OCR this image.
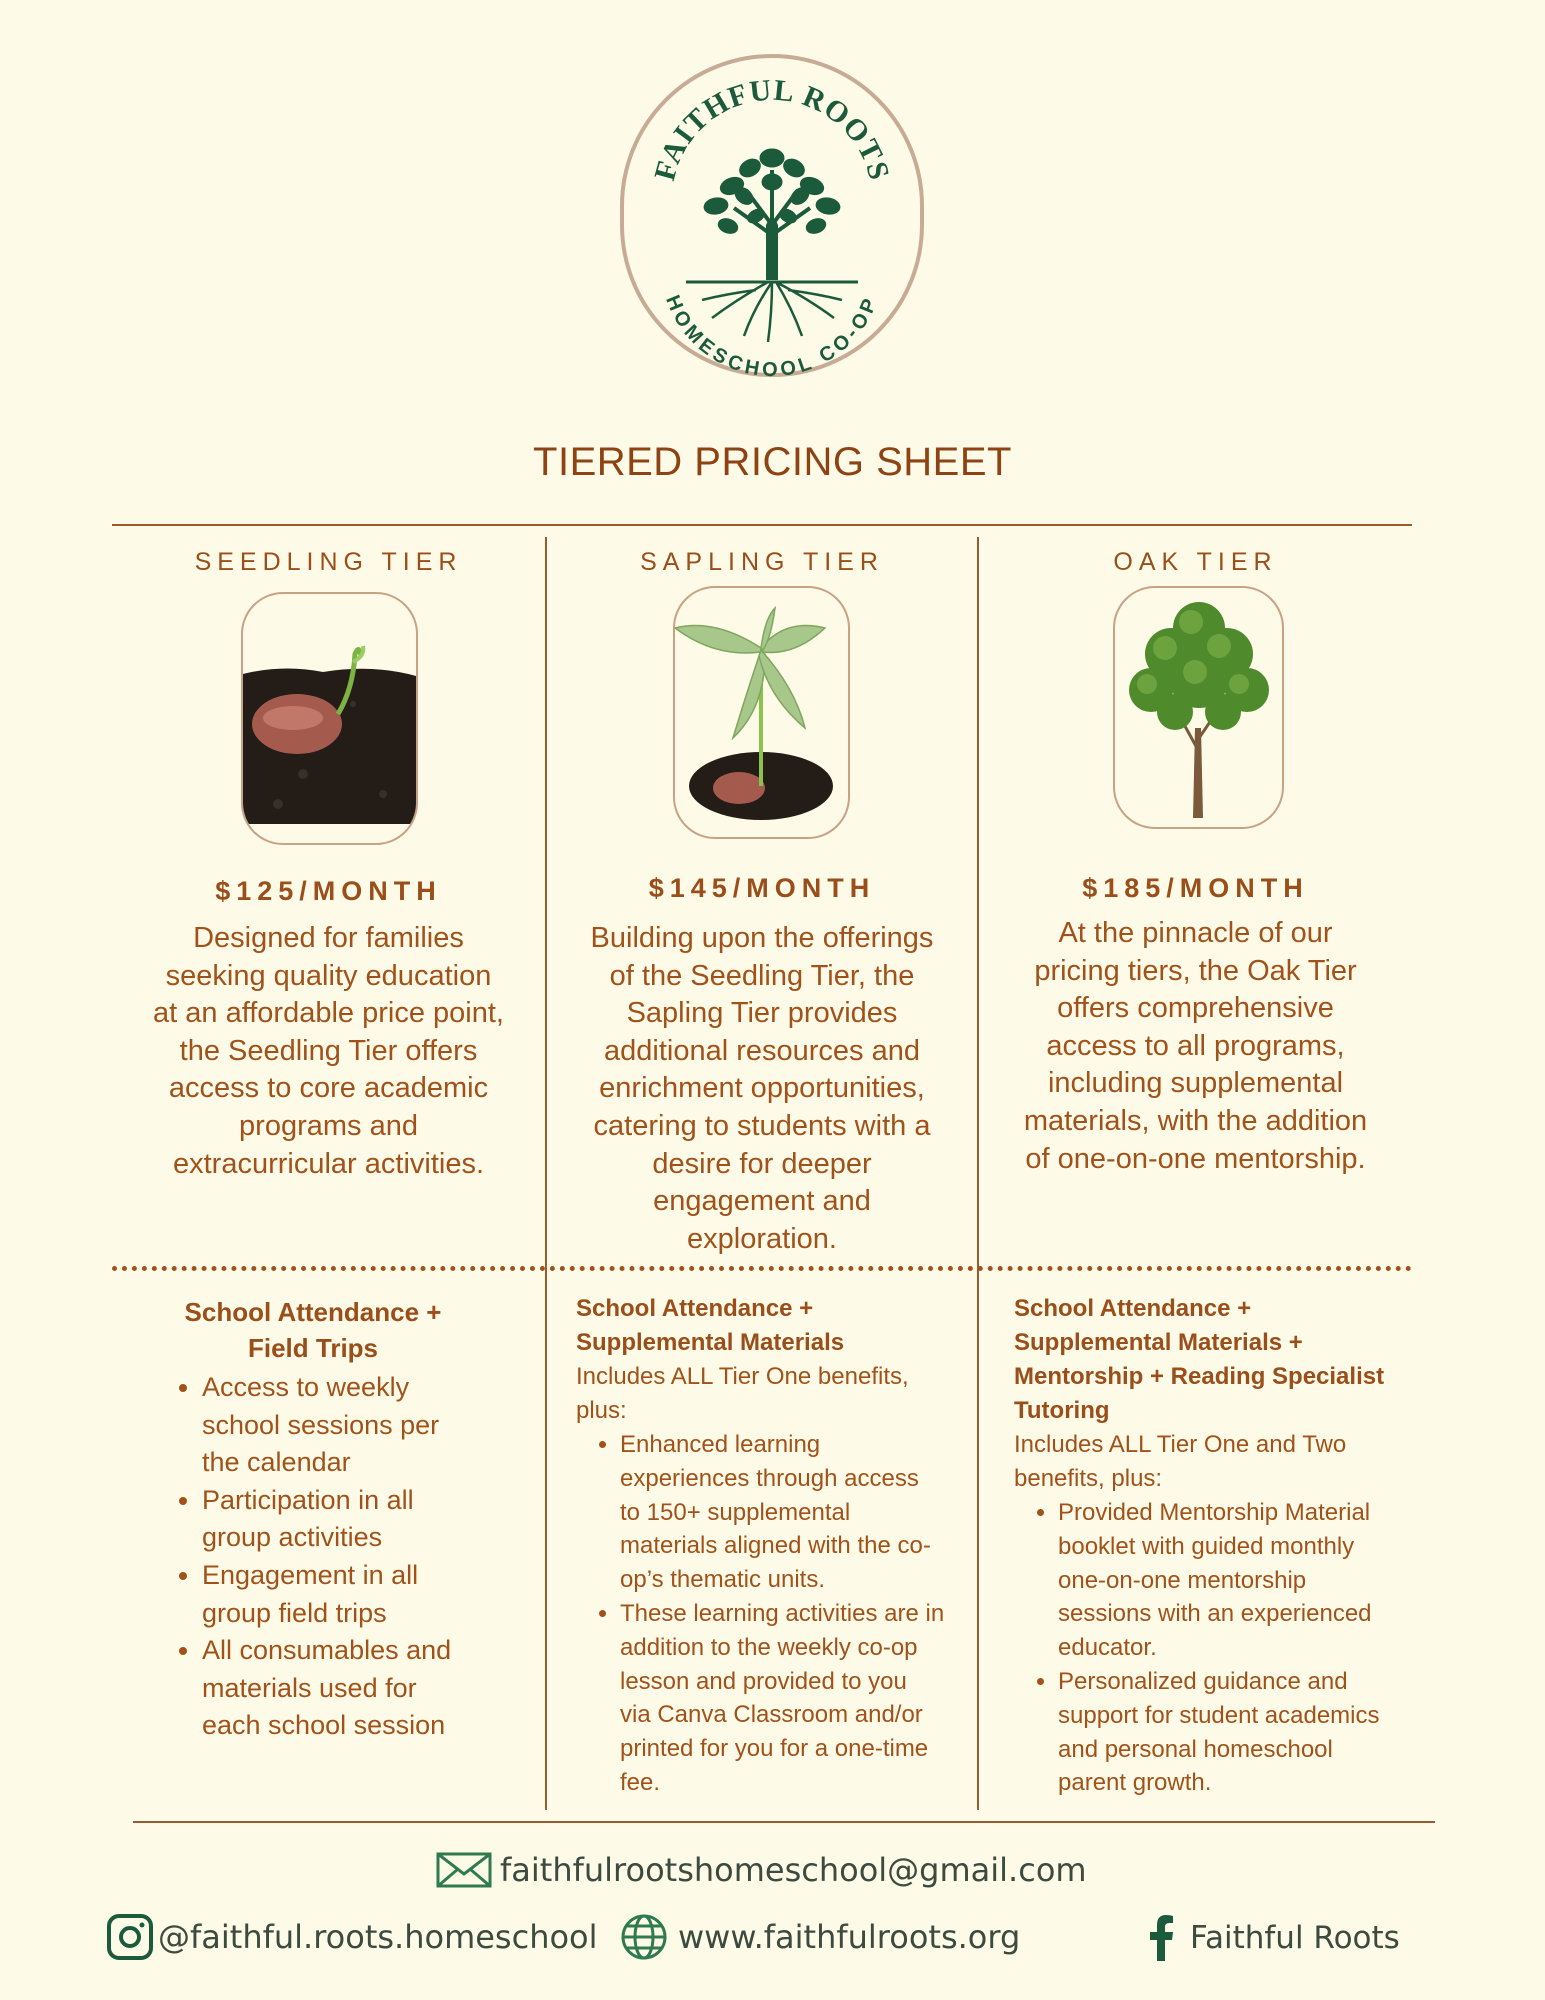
FAITHFUL ROOTS
HOMESCHOOL CO-OP
TIERED PRICING SHEET
SEEDLING TIER
$125/MONTH
Designed for families
seeking quality education
at an affordable price point,
the Seedling Tier offers
access to core academic
programs and
extracurricular activities.
School Attendance +
Field Trips
• Access to weekly
school sessions per
the calendar
• Participation in all
group activities
• Engagement in all
group field trips
• All consumables and
materials used for
each school session
SAPLING TIER
$145/MONTH
Building upon the offerings
of the Seedling Tier, the
Sapling Tier provides
additional resources and
enrichment opportunities,
catering to students with a
desire for deeper
engagement and
exploration.
School Attendance +
Supplemental Materials
Includes ALL Tier One benefits,
plus:
• Enhanced learning
experiences through access
to 150+ supplemental
materials aligned with the co-
op’s thematic units.
• These learning activities are in
addition to the weekly co-op
lesson and provided to you
via Canva Classroom and/or
printed for you for a one-time
fee.
OAK TIER
$185/MONTH
At the pinnacle of our
pricing tiers, the Oak Tier
offers comprehensive
access to all programs,
including supplemental
materials, with the addition
of one-on-one mentorship.
School Attendance +
Supplemental Materials +
Mentorship + Reading Specialist
Tutoring
Includes ALL Tier One and Two
benefits, plus:
• Provided Mentorship Material
booklet with guided monthly
one-on-one mentorship
sessions with an experienced
educator.
• Personalized guidance and
support for student academics
and personal homeschool
parent growth.
faithfulrootshomeschool@gmail.com
@faithful.roots.homeschool	www.faithfulroots.org	Faithful Roots
